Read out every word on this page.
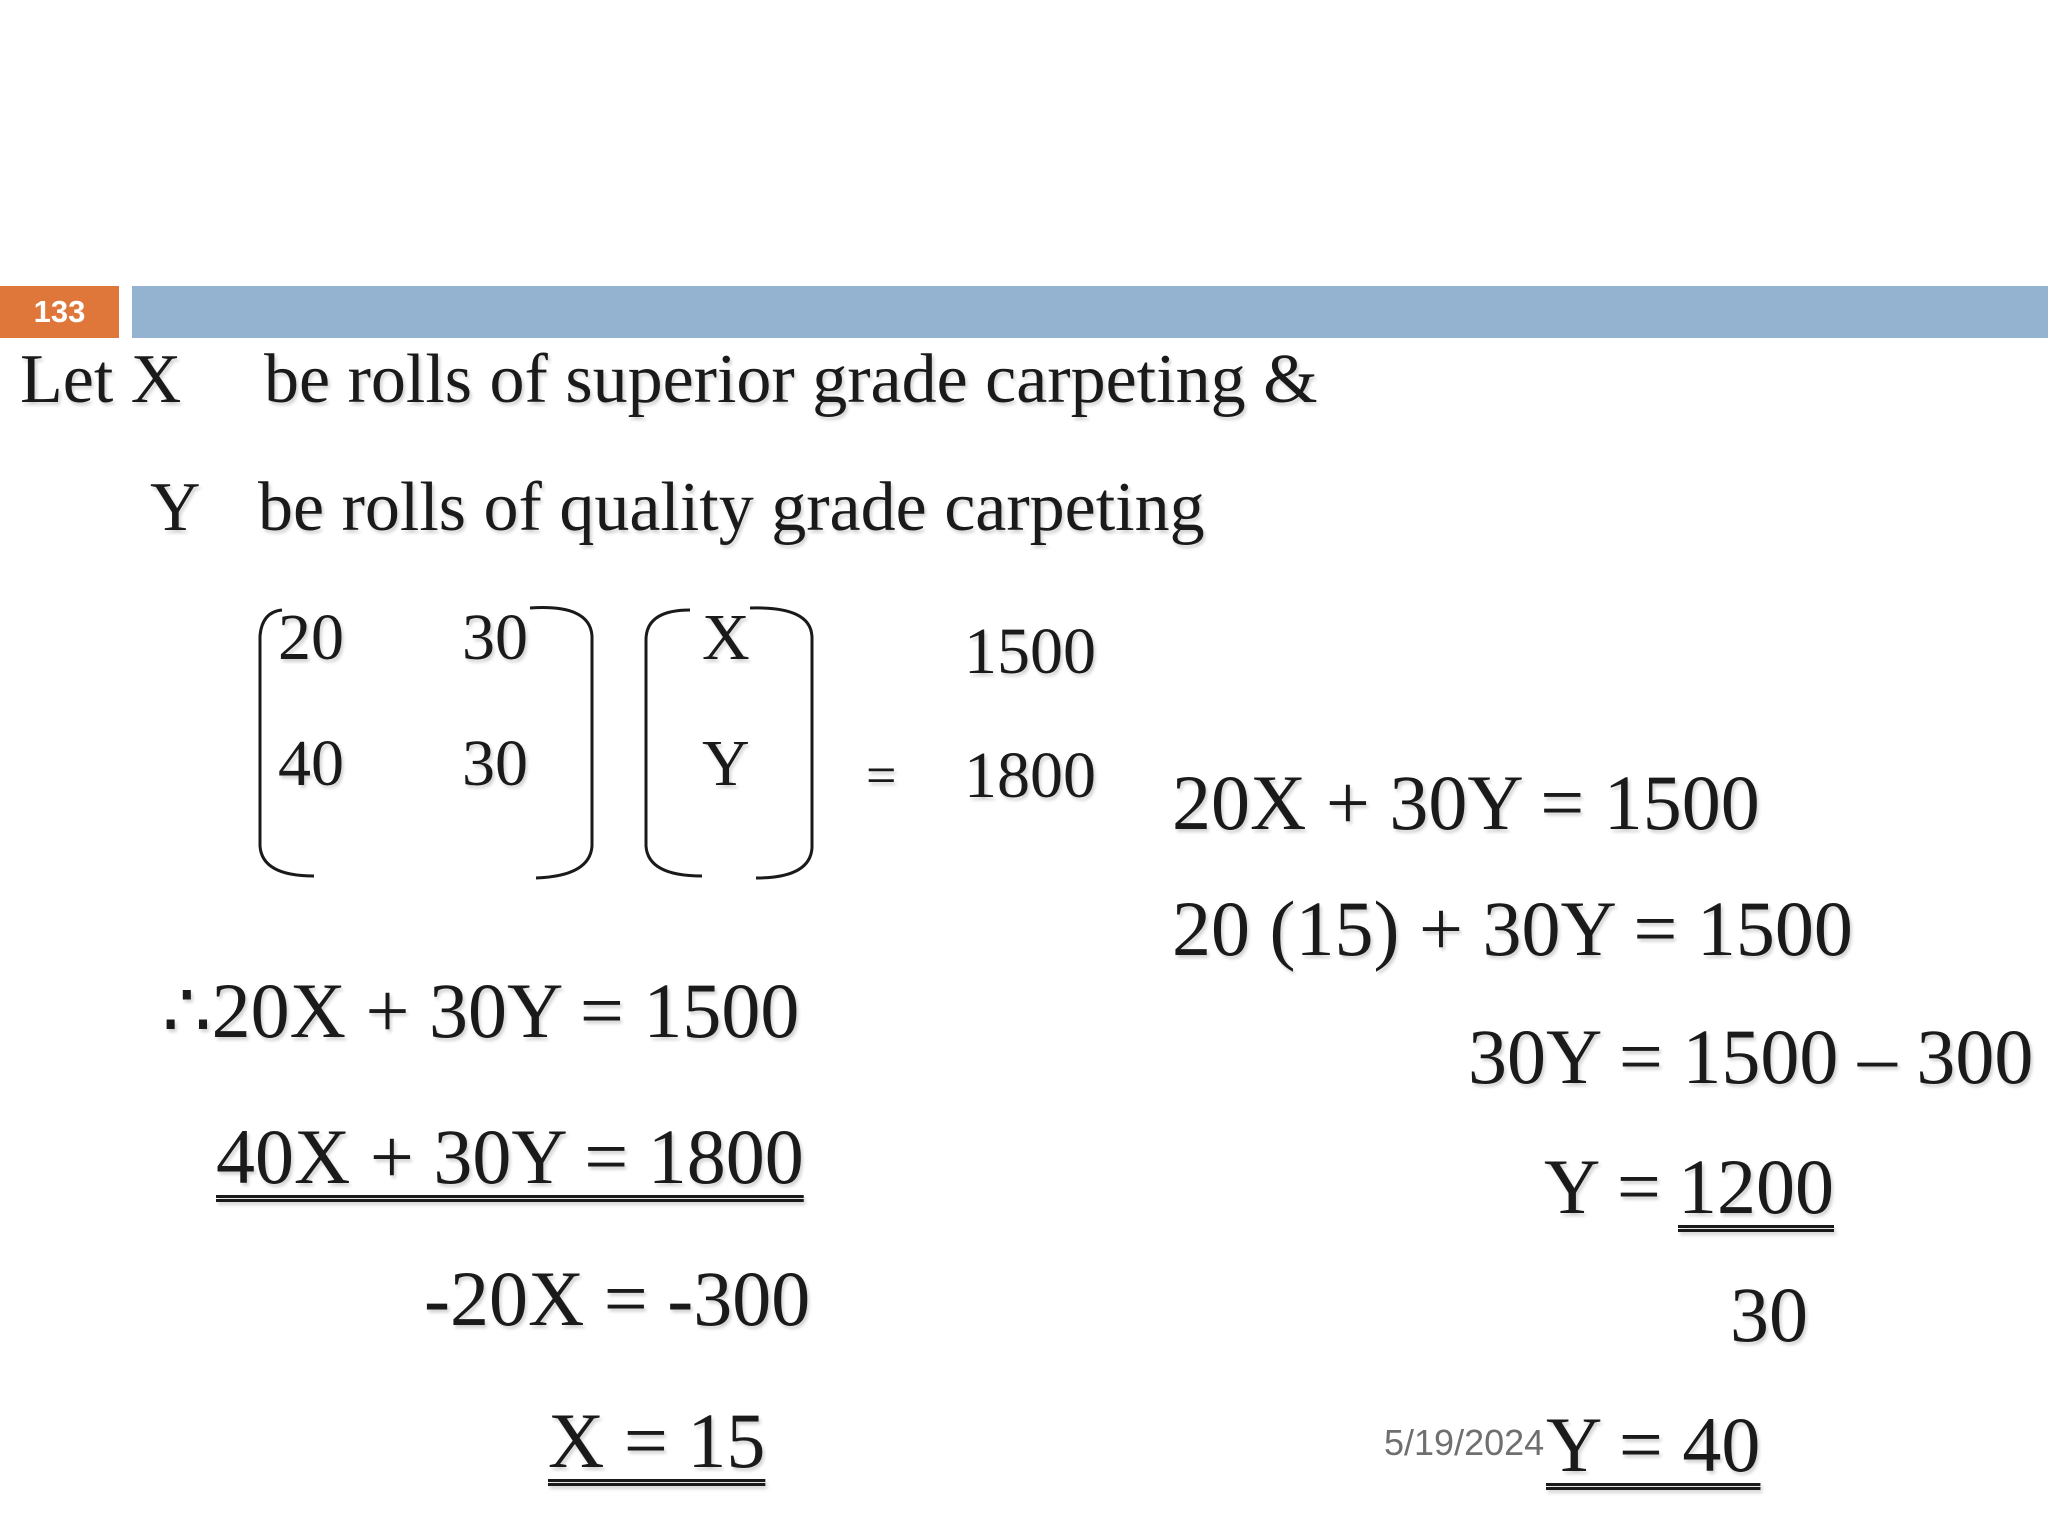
133
Let X be rolls of superior grade carpeting &
Y be rolls of quality grade carpeting
20 30
40 30
X
Y =
1500
1800
∴20X + 30Y = 1500
40X + 30Y = 1800
-20X = -300
X = 15
20X + 30Y = 1500
20 (15) + 30Y = 1500
30Y = 1500 – 300
Y = 1200
30
Y = 40
5/19/2024
